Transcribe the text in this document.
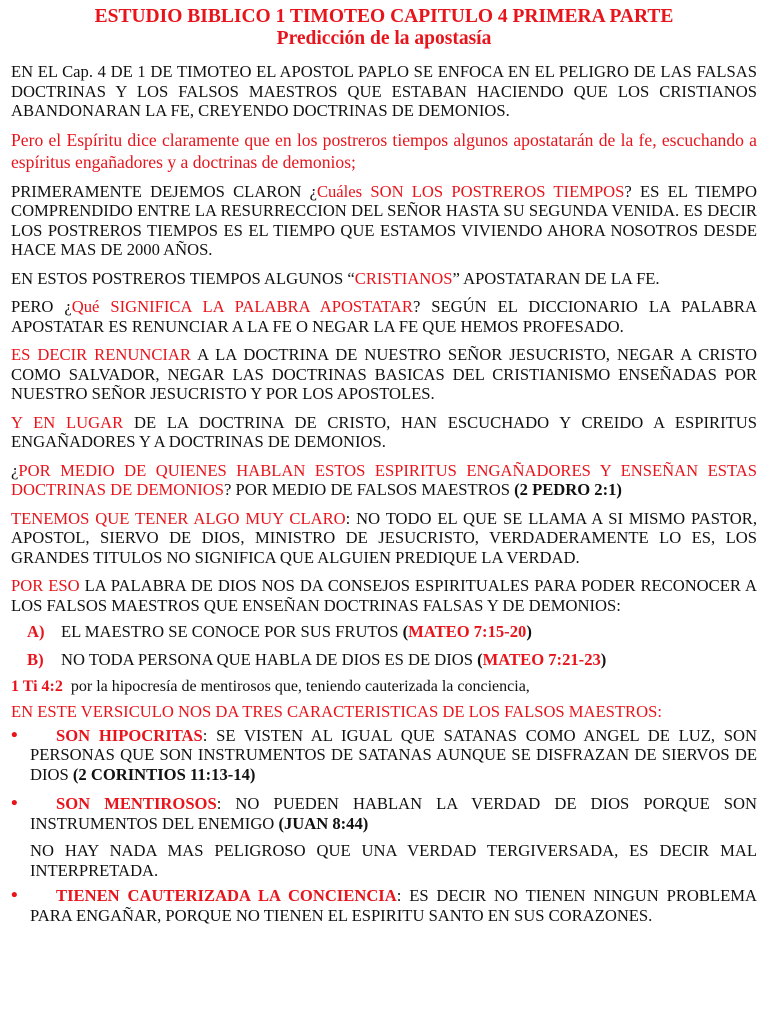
ESTUDIO BIBLICO 1 TIMOTEO CAPITULO 4 PRIMERA PARTE
Predicción de la apostasía
EN EL Cap. 4 DE 1 DE TIMOTEO EL APOSTOL PAPLO SE ENFOCA EN EL PELIGRO DE LAS FALSAS DOCTRINAS Y LOS FALSOS MAESTROS QUE ESTABAN HACIENDO QUE LOS CRISTIANOS ABANDONARAN LA FE, CREYENDO DOCTRINAS DE DEMONIOS.
Pero el Espíritu dice claramente que en los postreros tiempos algunos apostatarán de la fe, escuchando a espíritus engañadores y a doctrinas de demonios;
PRIMERAMENTE DEJEMOS CLARON ¿Cuáles SON LOS POSTREROS TIEMPOS? ES EL TIEMPO COMPRENDIDO ENTRE LA RESURRECCION DEL SEÑOR HASTA SU SEGUNDA VENIDA. ES DECIR LOS POSTREROS TIEMPOS ES EL TIEMPO QUE ESTAMOS VIVIENDO AHORA NOSOTROS DESDE HACE MAS DE 2000 AÑOS.
EN ESTOS POSTREROS TIEMPOS ALGUNOS “CRISTIANOS” APOSTATARAN DE LA FE.
PERO ¿Qué SIGNIFICA LA PALABRA APOSTATAR? SEGÚN EL DICCIONARIO LA PALABRA APOSTATAR ES RENUNCIAR A LA FE O NEGAR LA FE QUE HEMOS PROFESADO.
ES DECIR RENUNCIAR A LA DOCTRINA DE NUESTRO SEÑOR JESUCRISTO, NEGAR A CRISTO COMO SALVADOR, NEGAR LAS DOCTRINAS BASICAS DEL CRISTIANISMO ENSEÑADAS POR NUESTRO SEÑOR JESUCRISTO Y POR LOS APOSTOLES.
Y EN LUGAR DE LA DOCTRINA DE CRISTO, HAN ESCUCHADO Y CREIDO A ESPIRITUS ENGAÑADORES Y A DOCTRINAS DE DEMONIOS.
¿POR MEDIO DE QUIENES HABLAN ESTOS ESPIRITUS ENGAÑADORES Y ENSEÑAN ESTAS DOCTRINAS DE DEMONIOS? POR MEDIO DE FALSOS MAESTROS (2 PEDRO 2:1)
TENEMOS QUE TENER ALGO MUY CLARO: NO TODO EL QUE SE LLAMA A SI MISMO PASTOR, APOSTOL, SIERVO DE DIOS, MINISTRO DE JESUCRISTO, VERDADERAMENTE LO ES, LOS GRANDES TITULOS NO SIGNIFICA QUE ALGUIEN PREDIQUE LA VERDAD.
POR ESO LA PALABRA DE DIOS NOS DA CONSEJOS ESPIRITUALES PARA PODER RECONOCER A LOS FALSOS MAESTROS QUE ENSEÑAN DOCTRINAS FALSAS Y DE DEMONIOS:
A) EL MAESTRO SE CONOCE POR SUS FRUTOS (MATEO 7:15-20)
B)	NO TODA PERSONA QUE HABLA DE DIOS ES DE DIOS (MATEO 7:21-23)
1 Ti 4:2 por la hipocresía de mentirosos que, teniendo cauterizada la conciencia,
EN ESTE VERSICULO NOS DA TRES CARACTERISTICAS DE LOS FALSOS MAESTROS:
•	SON HIPOCRITAS: SE VISTEN AL IGUAL QUE SATANAS COMO ANGEL DE LUZ, SON PERSONAS QUE SON INSTRUMENTOS DE SATANAS AUNQUE SE DISFRAZAN DE SIERVOS DE DIOS (2 CORINTIOS 11:13-14)
•	SON MENTIROSOS: NO PUEDEN HABLAN LA VERDAD DE DIOS PORQUE SON INSTRUMENTOS DEL ENEMIGO (JUAN 8:44)
NO HAY NADA MAS PELIGROSO QUE UNA VERDAD TERGIVERSADA, ES DECIR MAL INTERPRETADA.
•	TIENEN CAUTERIZADA LA CONCIENCIA: ES DECIR NO TIENEN NINGUN PROBLEMA PARA ENGAÑAR, PORQUE NO TIENEN EL ESPIRITU SANTO EN SUS CORAZONES.
